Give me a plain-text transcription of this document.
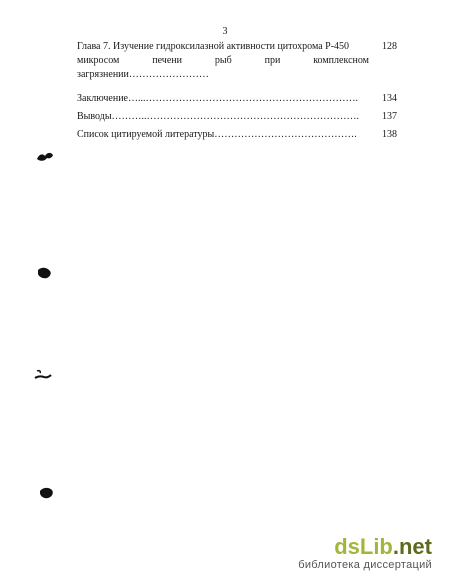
3
Глава 7. Изучение гидроксилазной активности цитохрома Р-450	128
микросом печени рыб при комплексном загрязнении……………………
Заключение…...……………………………………………………….	134
Выводы………..……………………………………………………….	137
Список цитируемой литературы…………………………………….	138
dsLib.net
библиотека диссертаций
